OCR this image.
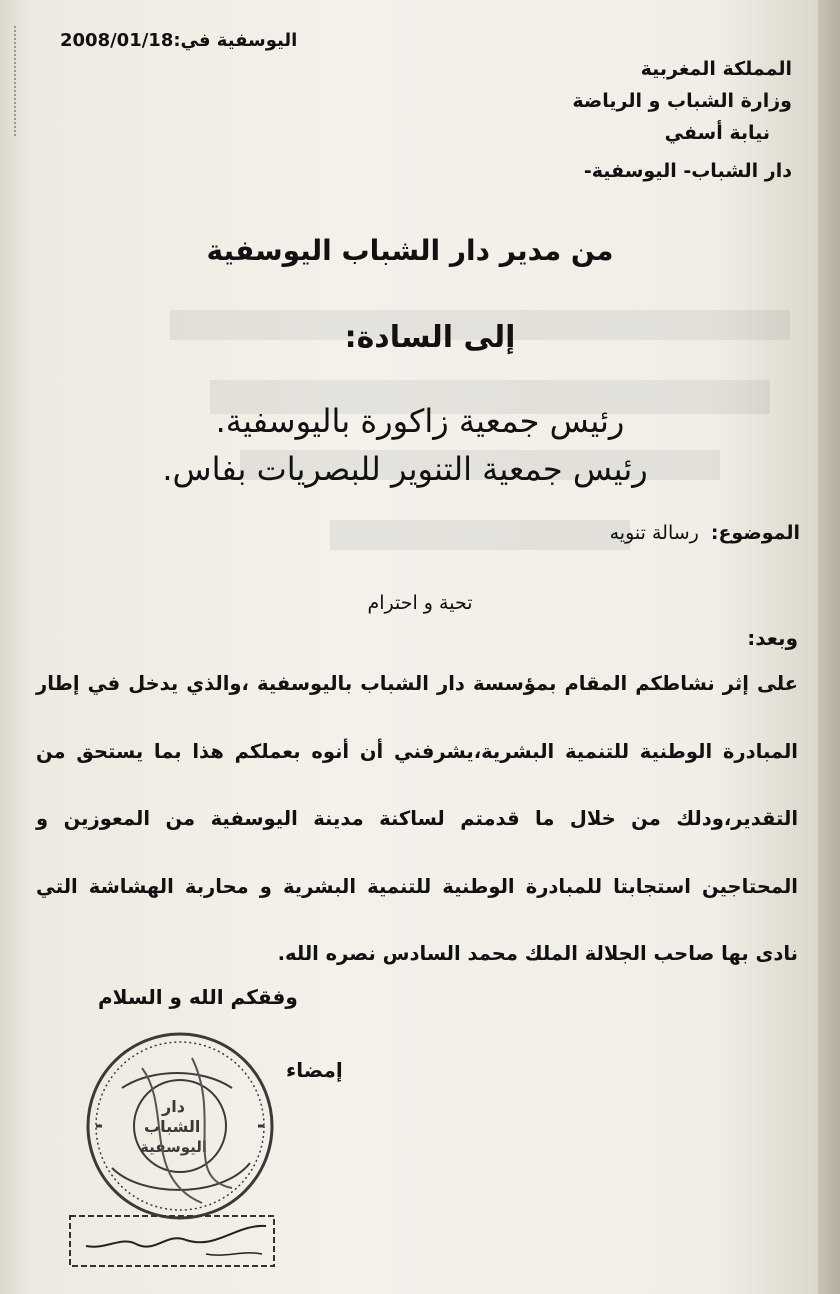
اليوسفية في:2008/01/18
المملكة المغربية
وزارة الشباب و الرياضة
نيابة أسفي
دار الشباب- اليوسفية-
من مدير دار الشباب اليوسفية
إلى السادة:
رئيس جمعية زاكورة باليوسفية.
رئيس جمعية التنوير للبصريات بفاس.
الموضوع:رسالة تنويه
تحية و احترام
وبعد:
على إثر نشاطكم المقام بمؤسسة دار الشباب باليوسفية ،والذي يدخل في إطار المبادرة الوطنية للتنمية البشرية،يشرفني أن أنوه بعملكم هذا بما يستحق من التقدير،ودلك من خلال ما قدمتم لساكنة مدينة اليوسفية من المعوزين و المحتاجين استجابتا للمبادرة الوطنية للتنمية البشرية و محاربة الهشاشة التي نادى بها صاحب الجلالة الملك محمد السادس نصره الله.
وفقكم الله و السلام
إمضاء
دار
الشباب
اليوسفية
